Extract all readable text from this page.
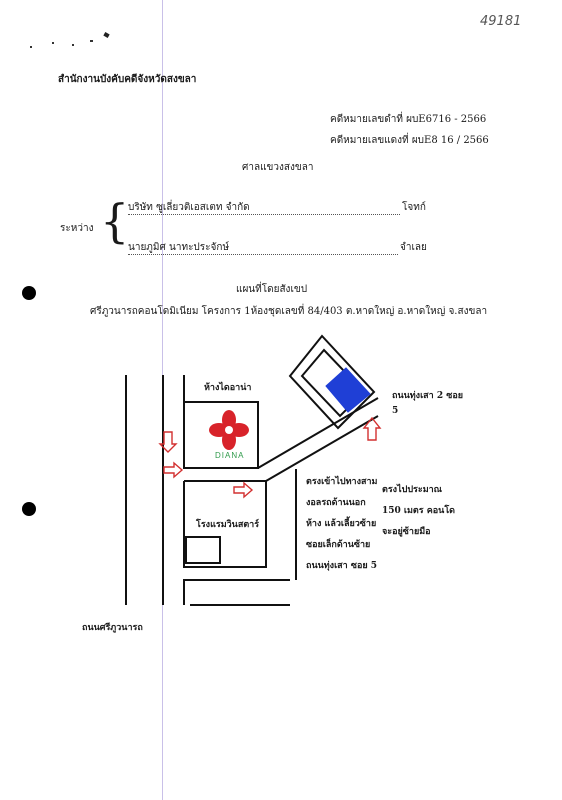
49181
สำนักงานบังคับคดีจังหวัดสงขลา
คดีหมายเลขดำที่ ผบE6716 - 2566
คดีหมายเลขแดงที่ ผบE8 16 / 2566
ศาลแขวงสงขลา
ระหว่าง {
บริษัท ซูเลี่ยวติเอสเตท จำกัด	โจทก์
นายภูมิศ นาทะประจักษ์	จำเลย
แผนที่โดยสังเขป
ศรีภูวนารถคอนโดมิเนียม โครงการ 1ห้องชุดเลขที่ 84/403 ต.หาดใหญ่ อ.หาดใหญ่ จ.สงขลา
ห้างไดอาน่า
DIANA
โรงแรมวินสตาร์
ถนนทุ่งเสา 2 ซอย
5
ถนนศรีภูวนารถ
ตรงเข้าไปทางสาม
งอลรถด้านนอก
ห้าง แล้วเลี้ยวซ้าย
ซอยเล็กด้านซ้าย
ถนนทุ่งเสา ซอย 5
ตรงไปประมาณ
150 เมตร คอนโด
จะอยู่ซ้ายมือ
